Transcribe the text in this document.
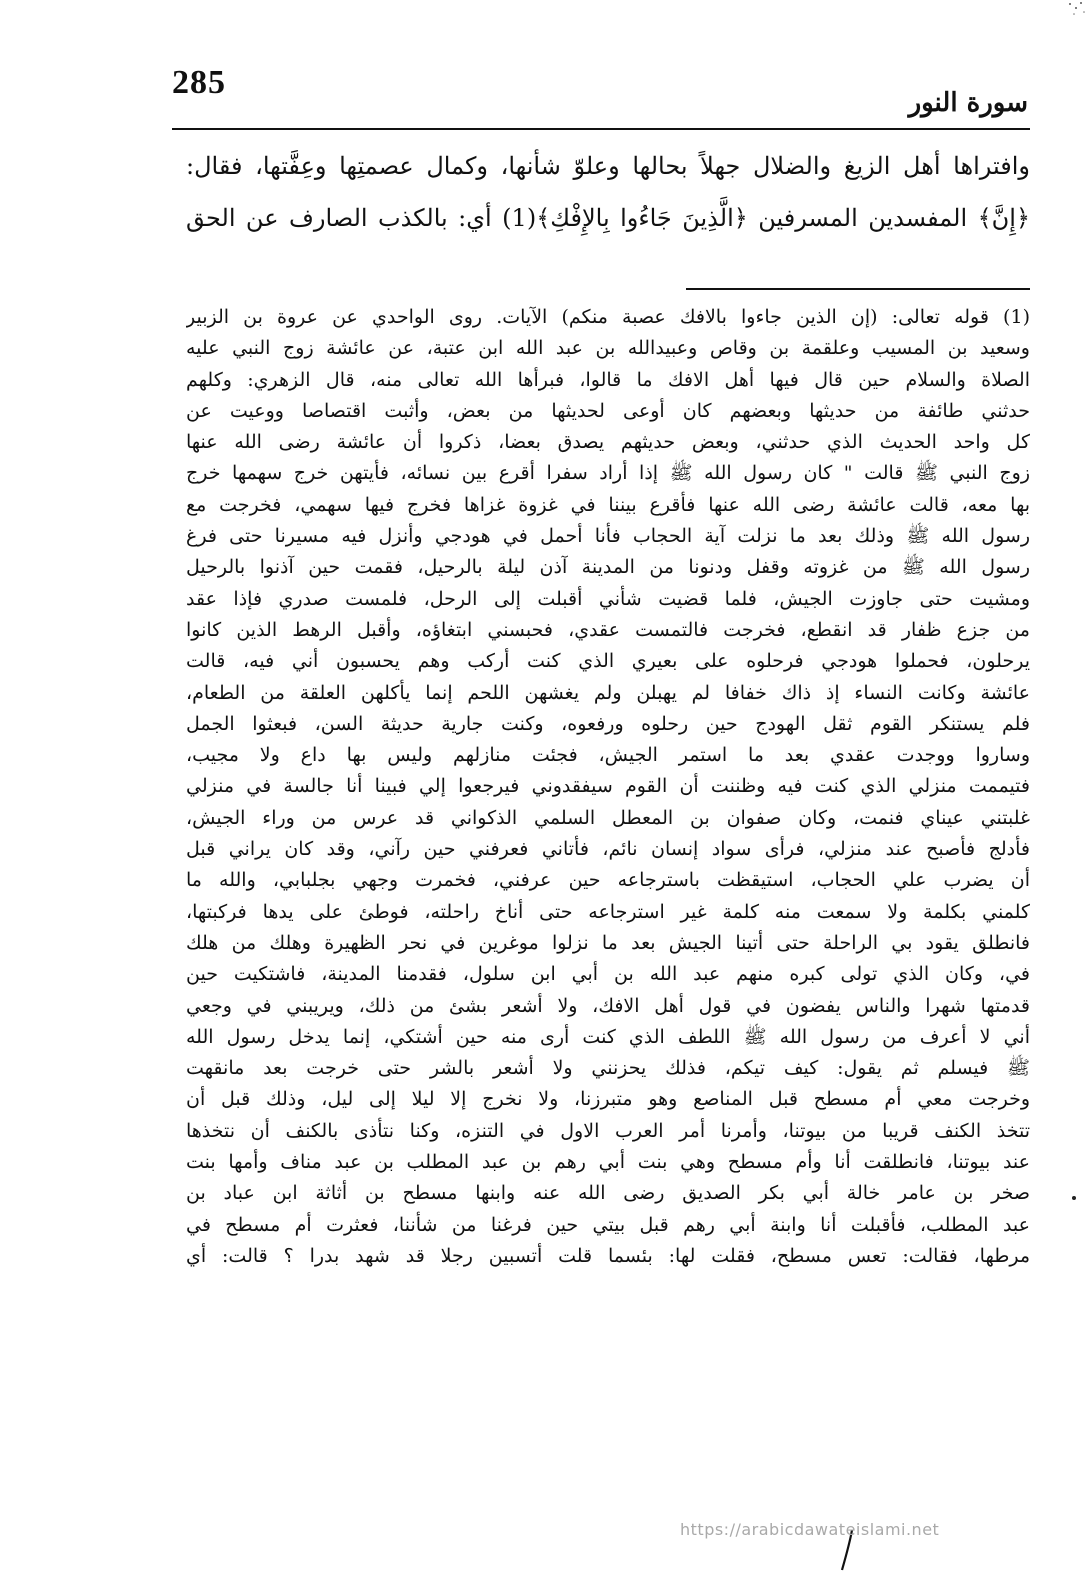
285
سورة النور

وافتراها أهل الزيغ والضلال جهلاً بحالها وعلوّ شأنها، وكمال عصمتِها وعِفَّتها، فقال:

﴿إِنَّ﴾ المفسدين المسرفين ﴿الَّذِينَ جَاءُوا بِالإِفْكِ﴾(1) أي: بالكذب الصارف عن الحق

(1) قوله تعالى: (إن الذين جاءوا بالافك عصبة منكم) الآيات. روى الواحدي عن عروة بن الزبير

وسعيد بن المسيب وعلقمة بن وقاص وعبيدالله بن عبد الله ابن عتبة، عن عائشة زوج النبي عليه

الصلاة والسلام حين قال فيها أهل الافك ما قالوا، فبرأها الله تعالى منه، قال الزهري: وكلهم

حدثني طائفة من حديثها وبعضهم كان أوعى لحديثها من بعض، وأثبت اقتصاصا ووعيت عن

كل واحد الحديث الذي حدثني، وبعض حديثهم يصدق بعضا، ذكروا أن عائشة رضى الله عنها

زوج النبي ﷺ قالت " كان رسول الله ﷺ إذا أراد سفرا أقرع بين نسائه، فأيتهن خرج سهمها خرج

بها معه، قالت عائشة رضى الله عنها فأقرع بيننا في غزوة غزاها فخرج فيها سهمي، فخرجت مع

رسول الله ﷺ وذلك بعد ما نزلت آية الحجاب فأنا أحمل في هودجي وأنزل فيه مسيرنا حتى فرغ

رسول الله ﷺ من غزوته وقفل ودنونا من المدينة آذن ليلة بالرحيل، فقمت حين آذنوا بالرحيل

ومشيت حتى جاوزت الجيش، فلما قضيت شأني أقبلت إلى الرحل، فلمست صدري فإذا عقد

من جزع ظفار قد انقطع، فخرجت فالتمست عقدي، فحبسني ابتغاؤه، وأقبل الرهط الذين كانوا

يرحلون، فحملوا هودجي فرحلوه على بعيري الذي كنت أركب وهم يحسبون أني فيه، قالت

عائشة وكانت النساء إذ ذاك خفافا لم يهبلن ولم يغشهن اللحم إنما يأكلهن العلقة من الطعام،

فلم يستنكر القوم ثقل الهودج حين رحلوه ورفعوه، وكنت جارية حديثة السن، فبعثوا الجمل

وساروا ووجدت عقدي بعد ما استمر الجيش، فجئت منازلهم وليس بها داع ولا مجيب،

فتيممت منزلي الذي كنت فيه وظننت أن القوم سيفقدوني فيرجعوا إلي فبينا أنا جالسة في منزلي

غلبتني عيناي فنمت، وكان صفوان بن المعطل السلمي الذكواني قد عرس من وراء الجيش،

فأدلج فأصبح عند منزلي، فرأى سواد إنسان نائم، فأتاني فعرفني حين رآني، وقد كان يراني قبل

أن يضرب علي الحجاب، استيقظت باسترجاعه حين عرفني، فخمرت وجهي بجلبابي، والله ما

كلمني بكلمة ولا سمعت منه كلمة غير استرجاعه حتى أناخ راحلته، فوطئ على يدها فركبتها،

فانطلق يقود بي الراحلة حتى أتينا الجيش بعد ما نزلوا موغرين في نحر الظهيرة وهلك من هلك

في، وكان الذي تولى كبره منهم عبد الله بن أبي ابن سلول، فقدمنا المدينة، فاشتكيت حين

قدمتها شهرا والناس يفضون في قول أهل الافك، ولا أشعر بشئ من ذلك، ويريبني في وجعي

أني لا أعرف من رسول الله ﷺ اللطف الذي كنت أرى منه حين أشتكي، إنما يدخل رسول الله

ﷺ فيسلم ثم يقول: كيف تيكم، فذلك يحزنني ولا أشعر بالشر حتى خرجت بعد مانقهت

وخرجت معي أم مسطح قبل المناصع وهو متبرزنا، ولا نخرج إلا ليلا إلى ليل، وذلك قبل أن

تتخذ الكنف قريبا من بيوتنا، وأمرنا أمر العرب الاول في التنزه، وكنا نتأذى بالكنف أن نتخذها

عند بيوتنا، فانطلقت أنا وأم مسطح وهي بنت أبي رهم بن عبد المطلب بن عبد مناف وأمها بنت

صخر بن عامر خالة أبي بكر الصديق رضى الله عنه وابنها مسطح بن أثاثة ابن عباد بن

عبد المطلب، فأقبلت أنا وابنة أبي رهم قبل بيتي حين فرغنا من شأننا، فعثرت أم مسطح في

مرطها، فقالت: تعس مسطح، فقلت لها: بئسما قلت أتسبين رجلا قد شهد بدرا ؟ قالت: أي

https://arabicdawateislami.net
